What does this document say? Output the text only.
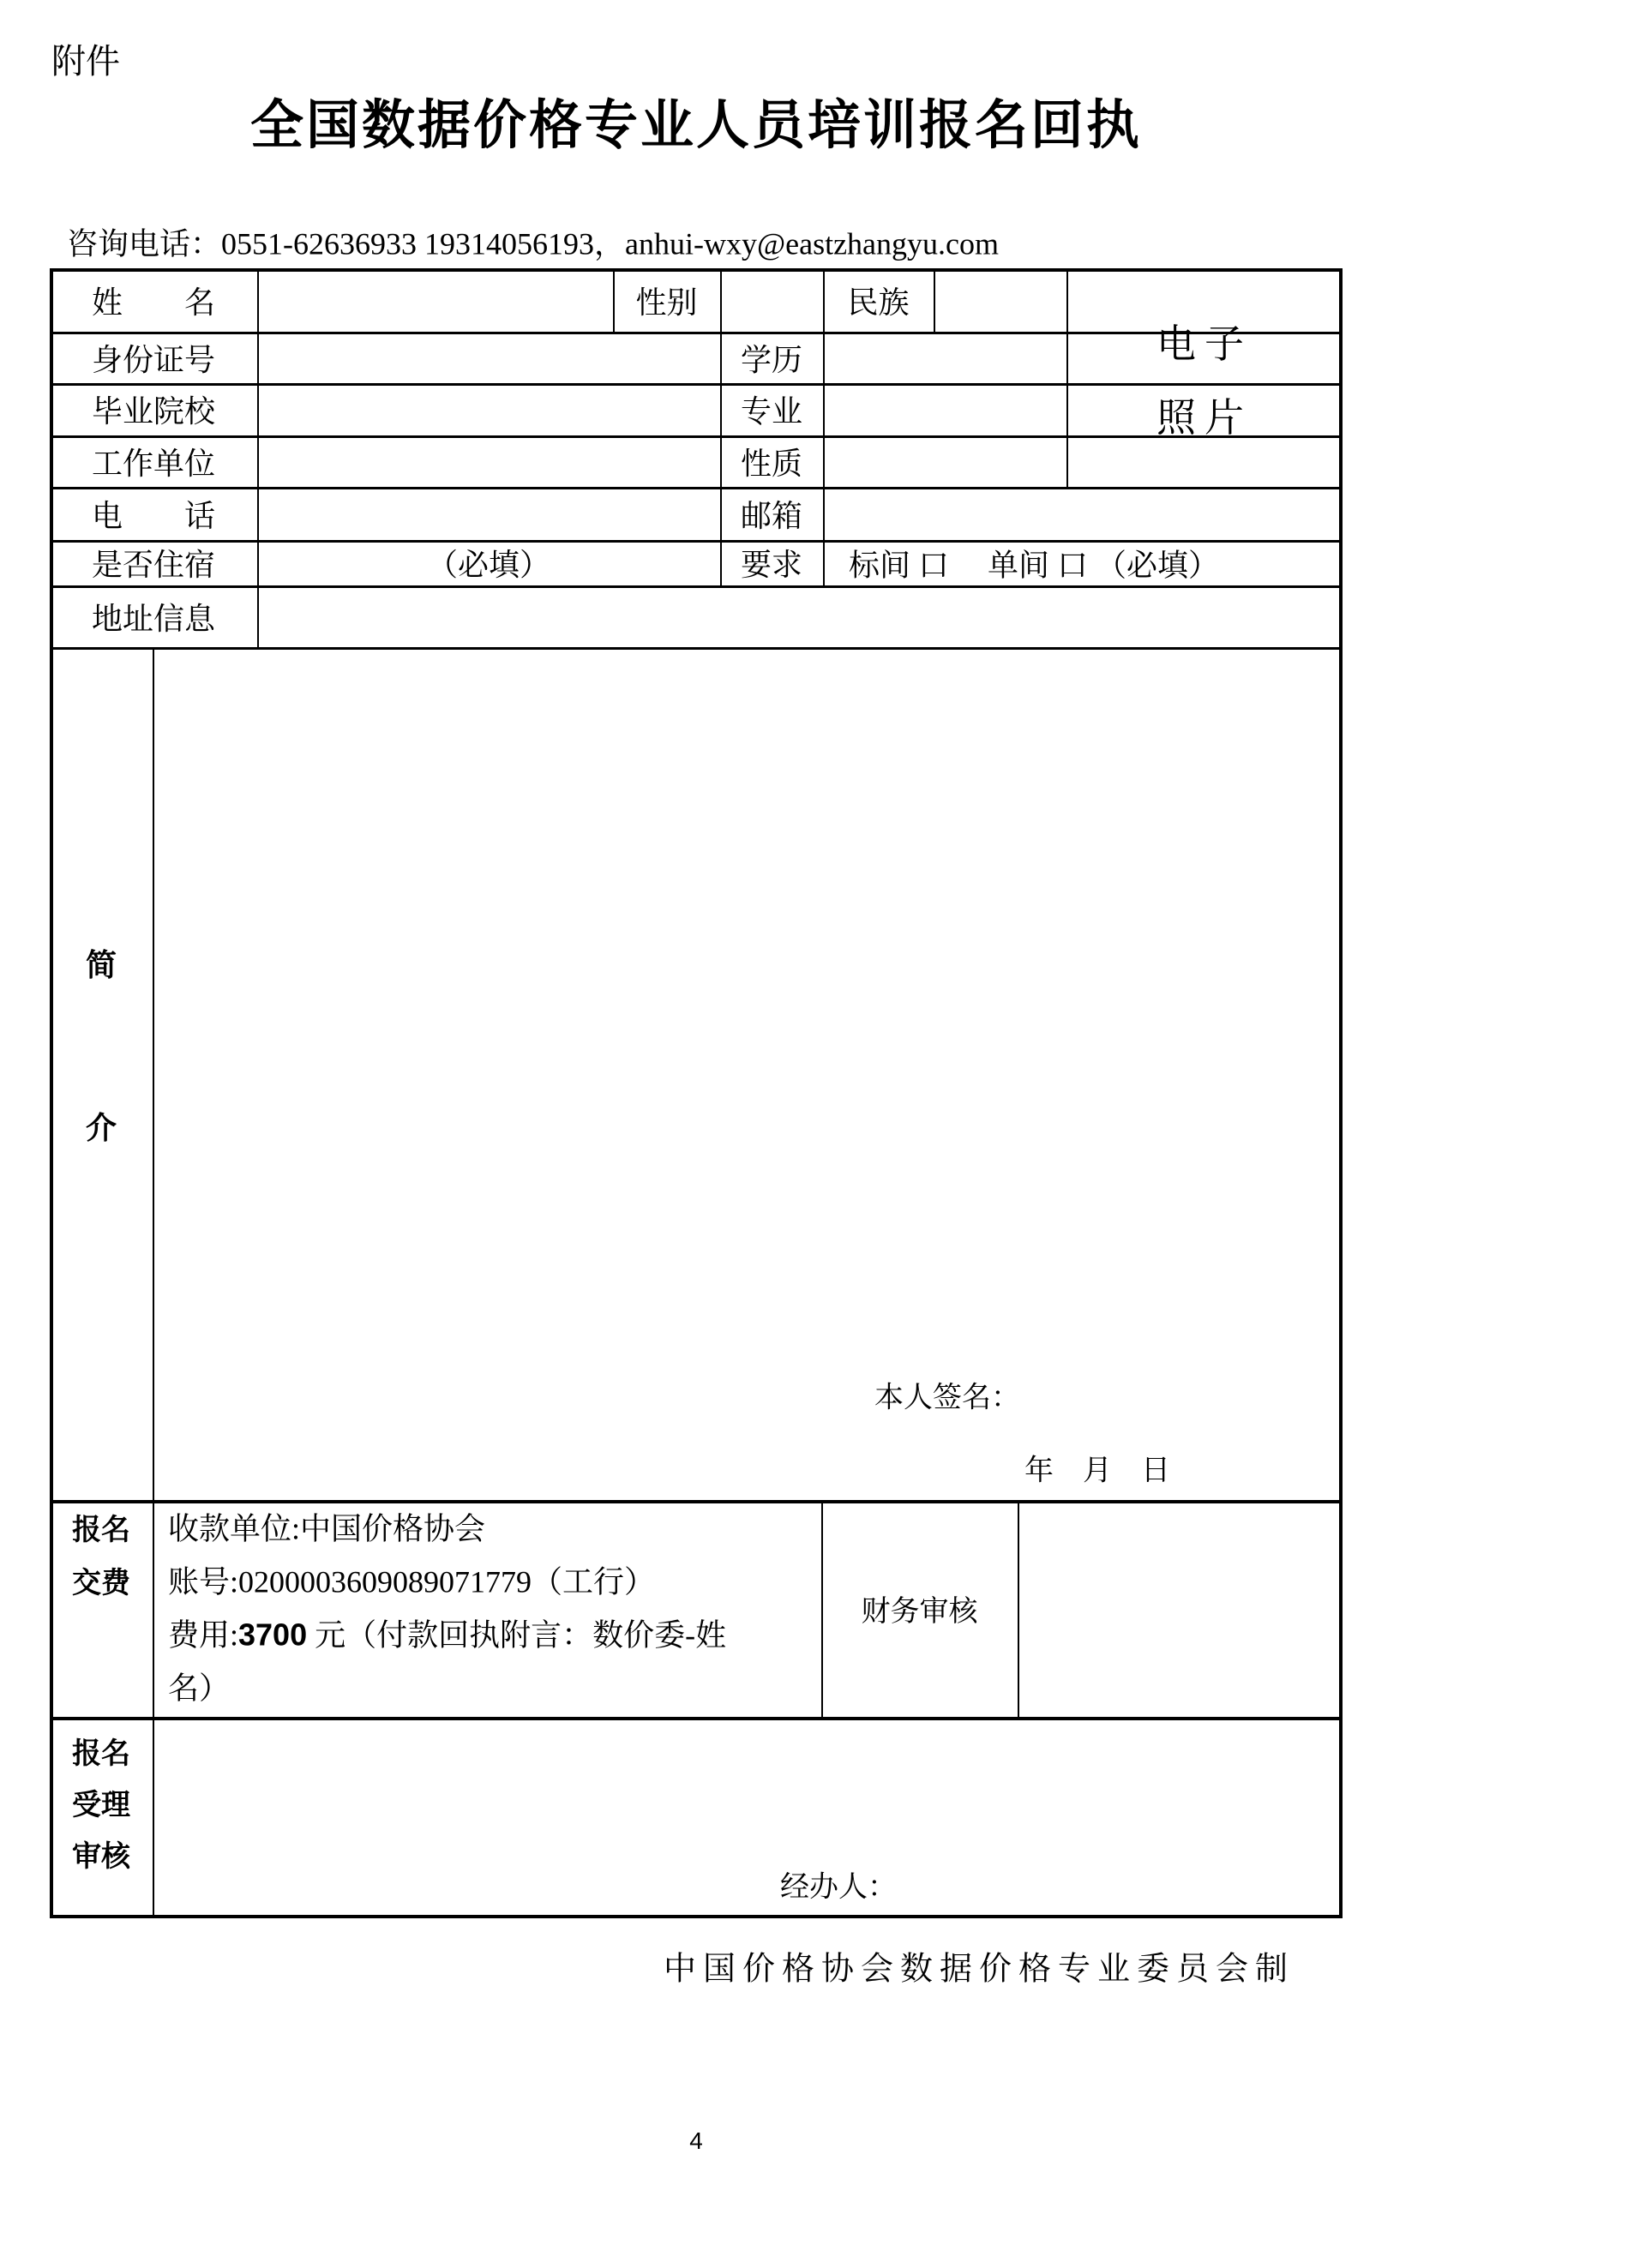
附件
全国数据价格专业人员培训报名回执
咨询电话：0551-62636933 19314056193，anhui-wxy@eastzhangyu.com
姓　　名	性别	民族
电子
照片
身份证号	学历
毕业院校	专业
工作单位	性质
电　　话	邮箱
是否住宿	（必填）	要求	标间 口　 单间 口 （必填）
地址信息
简
介
本人签名：
年　月　日
报名
交费
收款单位:中国价格协会
账号:0200003609089071779（工行）
费用:3700 元（付款回执附言：数价委-姓
名）
财务审核
报名
受理
审核
经办人：
中国价格协会数据价格专业委员会制
4
